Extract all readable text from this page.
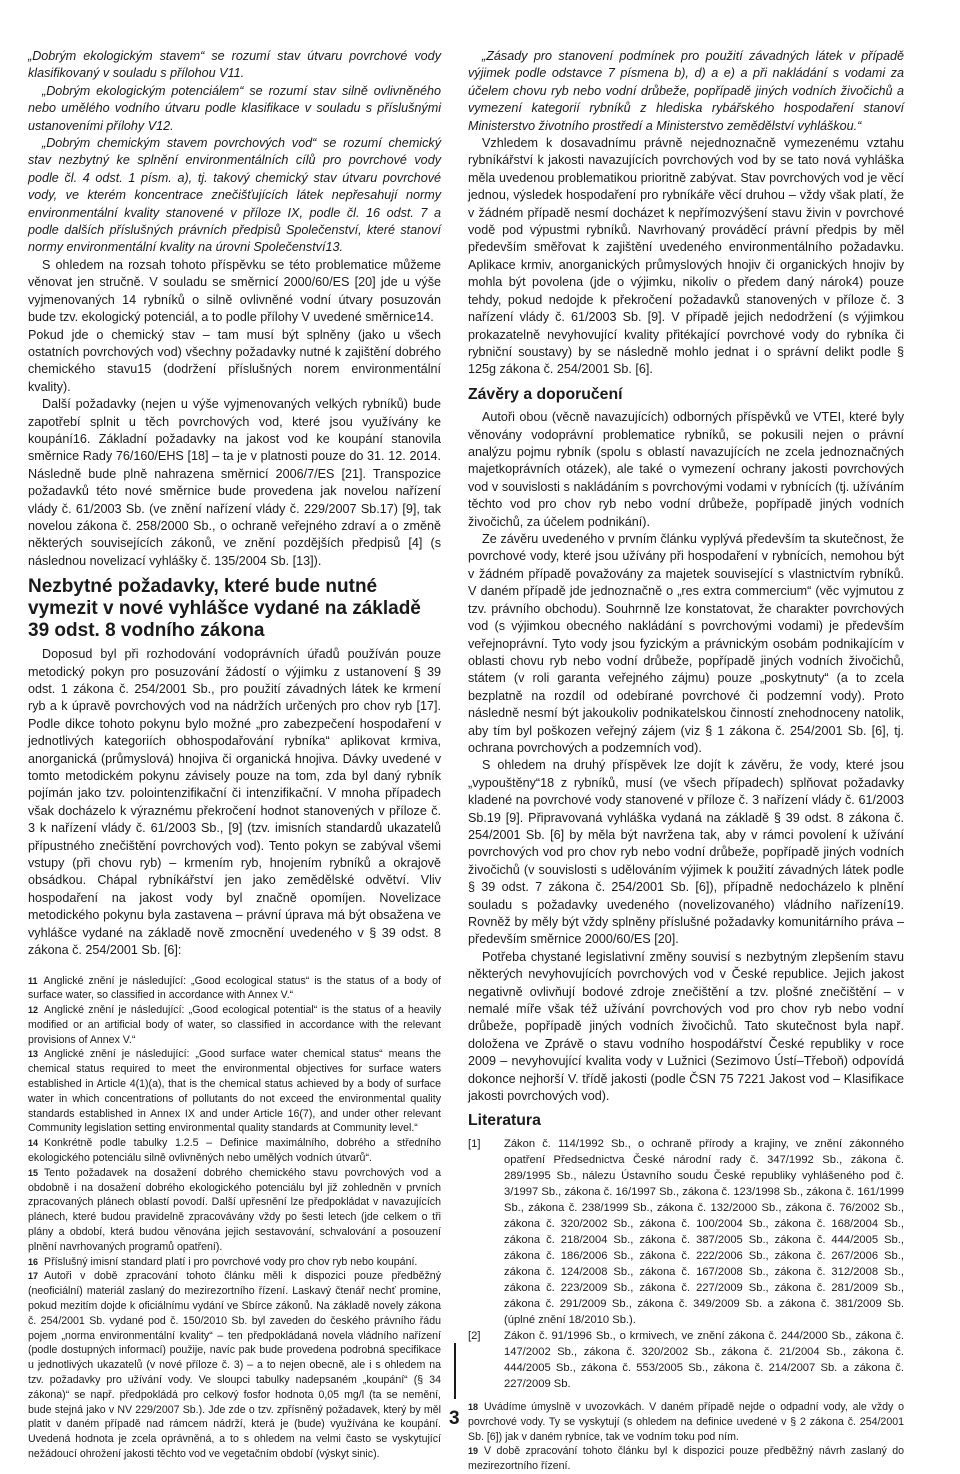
„Dobrým ekologickým stavem“ se rozumí stav útvaru povrchové vody klasifikovaný v souladu s přílohou V11.

„Dobrým ekologickým potenciálem“ se rozumí stav silně ovlivněného nebo umělého vodního útvaru podle klasifikace v souladu s příslušnými ustanoveními přílohy V12.

„Dobrým chemickým stavem povrchových vod“ se rozumí chemický stav nezbytný ke splnění environmentálních cílů pro povrchové vody podle čl. 4 odst. 1 písm. a), tj. takový chemický stav útvaru povrchové vody, ve kterém koncentrace znečišťujících látek nepřesahují normy environmentální kvality stanovené v příloze IX, podle čl. 16 odst. 7 a podle dalších příslušných právních předpisů Společenství, které stanoví normy environmentální kvality na úrovni Společenství13.

S ohledem na rozsah tohoto příspěvku se této problematice můžeme věnovat jen stručně. V souladu se směrnicí 2000/60/ES [20] jde u výše vyjmenovaných 14 rybníků o silně ovlivněné vodní útvary posuzován bude tzv. ekologický potenciál, a to podle přílohy V uvedené směrnice14.

Pokud jde o chemický stav – tam musí být splněny (jako u všech ostatních povrchových vod) všechny požadavky nutné k zajištění dobrého chemického stavu15 (dodržení příslušných norem environmentální kvality).

Další požadavky (nejen u výše vyjmenovaných velkých rybníků) bude zapotřebí splnit u těch povrchových vod, které jsou využívány ke koupání16. Základní požadavky na jakost vod ke koupání stanovila směrnice Rady 76/160/EHS [18] – ta je v platnosti pouze do 31. 12. 2014. Následně bude plně nahrazena směrnicí 2006/7/ES [21]. Transpozice požadavků této nové směrnice bude provedena jak novelou nařízení vlády č. 61/2003 Sb. (ve znění nařízení vlády č. 229/2007 Sb.17) [9], tak novelou zákona č. 258/2000 Sb., o ochraně veřejného zdraví a o změně některých souvisejících zákonů, ve znění pozdějších předpisů [4] (s následnou novelizací vyhlášky č. 135/2004 Sb. [13]).

Nezbytné požadavky, které bude nutné vymezit v nové vyhlášce vydané na základě 39 odst. 8 vodního zákona

Doposud byl při rozhodování vodoprávních úřadů používán pouze metodický pokyn pro posuzování žádostí o výjimku z ustanovení § 39 odst. 1 zákona č. 254/2001 Sb., pro použití závadných látek ke krmení ryb a k úpravě povrchových vod na nádržích určených pro chov ryb [17]. Podle dikce tohoto pokynu bylo možné „pro zabezpečení hospodaření v jednotlivých kategoriích obhospodařování rybníka“ aplikovat krmiva, anorganická (průmyslová) hnojiva či organická hnojiva. Dávky uvedené v tomto metodickém pokynu závisely pouze na tom, zda byl daný rybník pojímán jako tzv. polointenzifikační či intenzifikační. V mnoha případech však docházelo k výraznému překročení hodnot stanovených v příloze č. 3 k nařízení vlády č. 61/2003 Sb., [9] (tzv. imisních standardů ukazatelů přípustného znečištění povrchových vod). Tento pokyn se zabýval všemi vstupy (při chovu ryb) – krmením ryb, hnojením rybníků a okrajově obsádkou. Chápal rybníkářství jen jako zemědělské odvětví. Vliv hospodaření na jakost vody byl značně opomíjen. Novelizace metodického pokynu byla zastavena – právní úprava má být obsažena ve vyhlášce vydané na základě nově zmocnění uvedeného v § 39 odst. 8 zákona č. 254/2001 Sb. [6]:

11 Anglické znění je následující: „Good ecological status“ is the status of a body of surface water, so classified in accordance with Annex V.“

12 Anglické znění je následující: „Good ecological potential“ is the status of a heavily modified or an artificial body of water, so classified in accordance with the relevant provisions of Annex V.“

13 Anglické znění je následující: „Good surface water chemical status“ means the chemical status required to meet the environmental objectives for surface waters established in Article 4(1)(a), that is the chemical status achieved by a body of surface water in which concentrations of pollutants do not exceed the environmental quality standards established in Annex IX and under Article 16(7), and under other relevant Community legislation setting environmental quality standards at Community level.“

14 Konkrétně podle tabulky 1.2.5 – Definice maximálního, dobrého a středního ekologického potenciálu silně ovlivněných nebo umělých vodních útvarů“.

15 Tento požadavek na dosažení dobrého chemického stavu povrchových vod a obdobně i na dosažení dobrého ekologického potenciálu byl již zohledněn v prvních zpracovaných plánech oblastí povodí. Další upřesnění lze předpokládat v navazujících plánech, které budou pravidelně zpracovávány vždy po šesti letech (jde celkem o tři plány a období, která budou věnována jejich sestavování, schvalování a posouzení plnění navrhovaných programů opatření).

16 Příslušný imisní standard platí i pro povrchové vody pro chov ryb nebo koupání.

17 Autoři v době zpracování tohoto článku měli k dispozici pouze předběžný (neoficiální) materiál zaslaný do mezirezortního řízení. Laskavý čtenář nechť promine, pokud mezitím dojde k oficiálnímu vydání ve Sbírce zákonů. Na základě novely zákona č. 254/2001 Sb. vydané pod č. 150/2010 Sb. byl zaveden do českého právního řádu pojem „norma environmentální kvality“ – ten předpokládaná novela vládního nařízení (podle dostupných informací) použije, navíc pak bude provedena podrobná specifikace u jednotlivých ukazatelů (v nové příloze č. 3) – a to nejen obecně, ale i s ohledem na tzv. požadavky pro užívání vody. Ve sloupci tabulky nadepsaném „koupání“ (§ 34 zákona)“ se např. předpokládá pro celkový fosfor hodnota 0,05 mg/l (ta se nemění, bude stejná jako v NV 229/2007 Sb.). Jde zde o tzv. zpřísněný požadavek, který by měl platit v daném případě nad rámcem nádrží, která je (bude) využívána ke koupání. Uvedená hodnota je zcela oprávněná, a to s ohledem na velmi často se vyskytující nežádoucí ohrožení jakosti těchto vod ve vegetačním období (výskyt sinic).

„Zásady pro stanovení podmínek pro použití závadných látek v případě výjimek podle odstavce 7 písmena b), d) a e) a při nakládání s vodami za účelem chovu ryb nebo vodní drůbeže, popřípadě jiných vodních živočichů a vymezení kategorií rybníků z hlediska rybářského hospodaření stanoví Ministerstvo životního prostředí a Ministerstvo zemědělství vyhláškou.“

Vzhledem k dosavadnímu právně nejednoznačně vymezenému vztahu rybníkářství k jakosti navazujících povrchových vod by se tato nová vyhláška měla uvedenou problematikou prioritně zabývat. Stav povrchových vod je věcí jednou, výsledek hospodaření pro rybníkáře věcí druhou – vždy však platí, že v žádném případě nesmí docházet k nepřímozvýšení stavu živin v povrchové vodě pod výpustmi rybníků. Navrhovaný prováděcí právní předpis by měl především směřovat k zajištění uvedeného environmentálního požadavku. Aplikace krmiv, anorganických průmyslových hnojiv či organických hnojiv by mohla být povolena (jde o výjimku, nikoliv o předem daný nárok4) pouze tehdy, pokud nedojde k překročení požadavků stanovených v příloze č. 3 nařízení vlády č. 61/2003 Sb. [9]. V případě jejich nedodržení (s výjimkou prokazatelně nevyhovující kvality přitékající povrchové vody do rybníka či rybniční soustavy) by se následně mohlo jednat i o správní delikt podle § 125g zákona č. 254/2001 Sb. [6].

Závěry a doporučení

Autoři obou (věcně navazujících) odborných příspěvků ve VTEI, které byly věnovány vodoprávní problematice rybníků, se pokusili nejen o právní analýzu pojmu rybník (spolu s oblastí navazujících ne zcela jednoznačných majetkoprávních otázek), ale také o vymezení ochrany jakosti povrchových vod v souvislosti s nakládáním s povrchovými vodami v rybnících (tj. užíváním těchto vod pro chov ryb nebo vodní drůbeže, popřípadě jiných vodních živočichů, za účelem podnikání).

Ze závěru uvedeného v prvním článku vyplývá především ta skutečnost, že povrchové vody, které jsou užívány při hospodaření v rybnících, nemohou být v žádném případě považovány za majetek související s vlastnictvím rybníků. V daném případě jde jednoznačně o „res extra commercium“ (věc vyjmutou z tzv. právního obchodu). Souhrnně lze konstatovat, že charakter povrchových vod (s výjimkou obecného nakládání s povrchovými vodami) je především veřejnoprávní. Tyto vody jsou fyzickým a právnickým osobám podnikajícím v oblasti chovu ryb nebo vodní drůbeže, popřípadě jiných vodních živočichů, státem (v roli garanta veřejného zájmu) pouze „poskytnuty“ (a to zcela bezplatně na rozdíl od odebírané povrchové či podzemní vody). Proto následně nesmí být jakoukoliv podnikatelskou činností znehodnoceny natolik, aby tím byl poškozen veřejný zájem (viz § 1 zákona č. 254/2001 Sb. [6], tj. ochrana povrchových a podzemních vod).

S ohledem na druhý příspěvek lze dojít k závěru, že vody, které jsou „vypouštěny“18 z rybníků, musí (ve všech případech) splňovat požadavky kladené na povrchové vody stanovené v příloze č. 3 nařízení vlády č. 61/2003 Sb.19 [9]. Připravovaná vyhláška vydaná na základě § 39 odst. 8 zákona č. 254/2001 Sb. [6] by měla být navržena tak, aby v rámci povolení k užívání povrchových vod pro chov ryb nebo vodní drůbeže, popřípadě jiných vodních živočichů (v souvislosti s udělováním výjimek k použití závadných látek podle § 39 odst. 7 zákona č. 254/2001 Sb. [6]), případně nedocházelo k plnění souladu s požadavky uvedeného (novelizovaného) vládního nařízení19. Rovněž by měly být vždy splněny příslušné požadavky komunitárního práva – především směrnice 2000/60/ES [20].

Potřeba chystané legislativní změny souvisí s nezbytným zlepšením stavu některých nevyhovujících povrchových vod v České republice. Jejich jakost negativně ovlivňují bodové zdroje znečištění a tzv. plošné znečištění – v nemalé míře však též užívání povrchových vod pro chov ryb nebo vodní drůbeže, popřípadě jiných vodních živočichů. Tato skutečnost byla např. doložena ve Zprávě o stavu vodního hospodářství České republiky v roce 2009 – nevyhovující kvalita vody v Lužnici (Sezimovo Ústí–Třeboň) odpovídá dokonce nejhorší V. třídě jakosti (podle ČSN 75 7221 Jakost vod – Klasifikace jakosti povrchových vod).

Literatura
[1]	Zákon č. 114/1992 Sb., o ochraně přírody a krajiny, ve znění zákonného opatření Předsednictva České národní rady č. 347/1992 Sb., zákona č. 289/1995 Sb., nálezu Ústavního soudu České republiky vyhlášeného pod č. 3/1997 Sb., zákona č. 16/1997 Sb., zákona č. 123/1998 Sb., zákona č. 161/1999 Sb., zákona č. 238/1999 Sb., zákona č. 132/2000 Sb., zákona č. 76/2002 Sb., zákona č. 320/2002 Sb., zákona č. 100/2004 Sb., zákona č. 168/2004 Sb., zákona č. 218/2004 Sb., zákona č. 387/2005 Sb., zákona č. 444/2005 Sb., zákona č. 186/2006 Sb., zákona č. 222/2006 Sb., zákona č. 267/2006 Sb., zákona č. 124/2008 Sb., zákona č. 167/2008 Sb., zákona č. 312/2008 Sb., zákona č. 223/2009 Sb., zákona č. 227/2009 Sb., zákona č. 281/2009 Sb., zákona č. 291/2009 Sb., zákona č. 349/2009 Sb. a zákona č. 381/2009 Sb. (úplné znění 18/2010 Sb.).
[2]	Zákon č. 91/1996 Sb., o krmivech, ve znění zákona č. 244/2000 Sb., zákona č. 147/2002 Sb., zákona č. 320/2002 Sb., zákona č. 21/2004 Sb., zákona č. 444/2005 Sb., zákona č. 553/2005 Sb., zákona č. 214/2007 Sb. a zákona č. 227/2009 Sb.

18 Uvádíme úmyslně v uvozovkách. V daném případě nejde o odpadní vody, ale vždy o povrchové vody. Ty se vyskytují (s ohledem na definice uvedené v § 2 zákona č. 254/2001 Sb. [6]) jak v daném rybníce, tak ve vodním toku pod ním.

19 V době zpracování tohoto článku byl k dispozici pouze předběžný návrh zaslaný do mezirezortního řízení.

3
